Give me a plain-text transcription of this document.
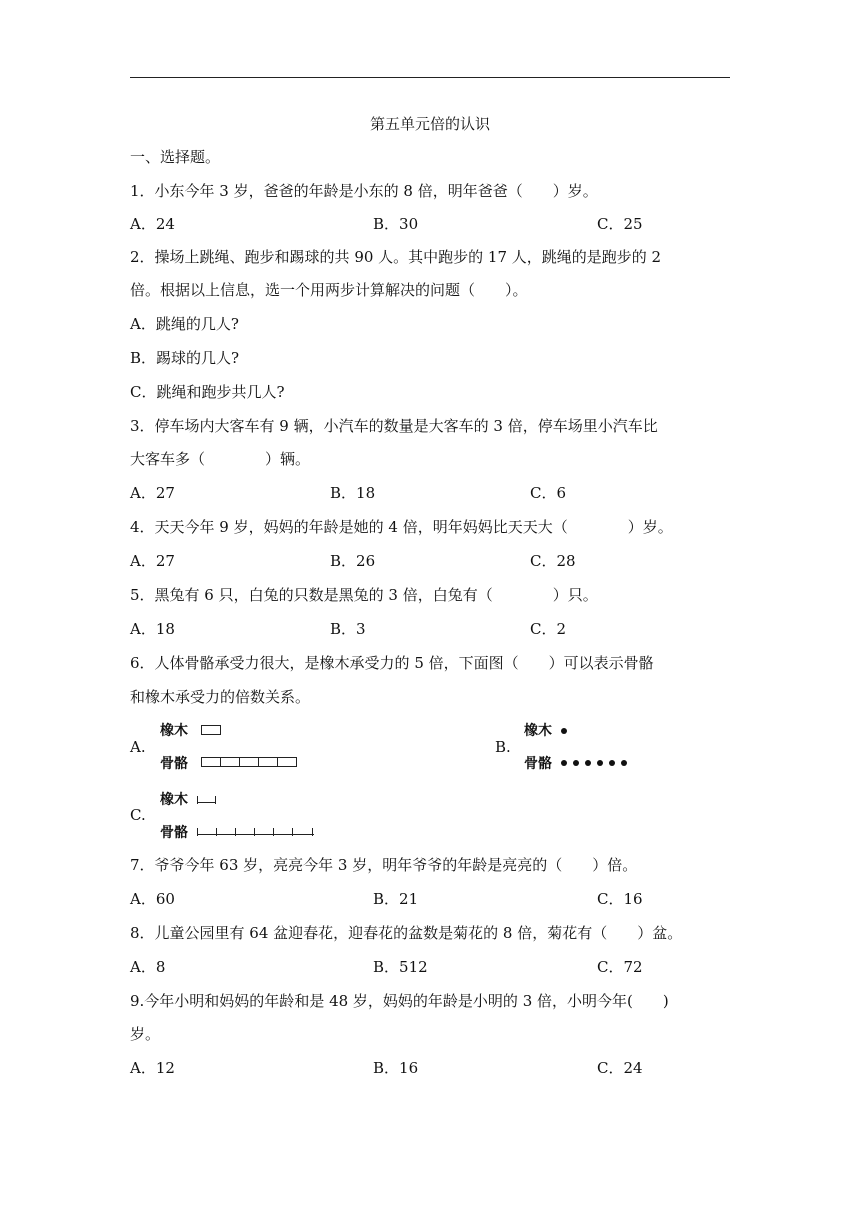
第五单元倍的认识
一、选择题。
1．小东今年 3 岁，爸爸的年龄是小东的 8 倍，明年爸爸（　　）岁。
A．24	B．30	C．25
2．操场上跳绳、跑步和踢球的共 90 人。其中跑步的 17 人，跳绳的是跑步的 2
倍。根据以上信息，选一个用两步计算解决的问题（　　）。
A．跳绳的几人?
B．踢球的几人?
C．跳绳和跑步共几人?
3．停车场内大客车有 9 辆，小汽车的数量是大客车的 3 倍，停车场里小汽车比
大客车多（　　　　）辆。
A．27	B．18	C．6
4．天天今年 9 岁，妈妈的年龄是她的 4 倍，明年妈妈比天天大（　　　　）岁。
A．27	B．26	C．28
5．黑兔有 6 只，白兔的只数是黑兔的 3 倍，白兔有（　　　　）只。
A．18	B．3	C．2
6．人体骨骼承受力很大，是橡木承受力的 5 倍，下面图（　　）可以表示骨骼
和橡木承受力的倍数关系。
A.
橡木
骨骼
B.
橡木
骨骼
C.
橡木
骨骼
7．爷爷今年 63 岁，亮亮今年 3 岁，明年爷爷的年龄是亮亮的（　　）倍。
A．60	B．21	C．16
8．儿童公园里有 64 盆迎春花，迎春花的盆数是菊花的 8 倍，菊花有（　　）盆。
A．8	B．512	C．72
9.今年小明和妈妈的年龄和是 48 岁，妈妈的年龄是小明的 3 倍，小明今年(　　)
岁。
A．12	B．16	C．24
